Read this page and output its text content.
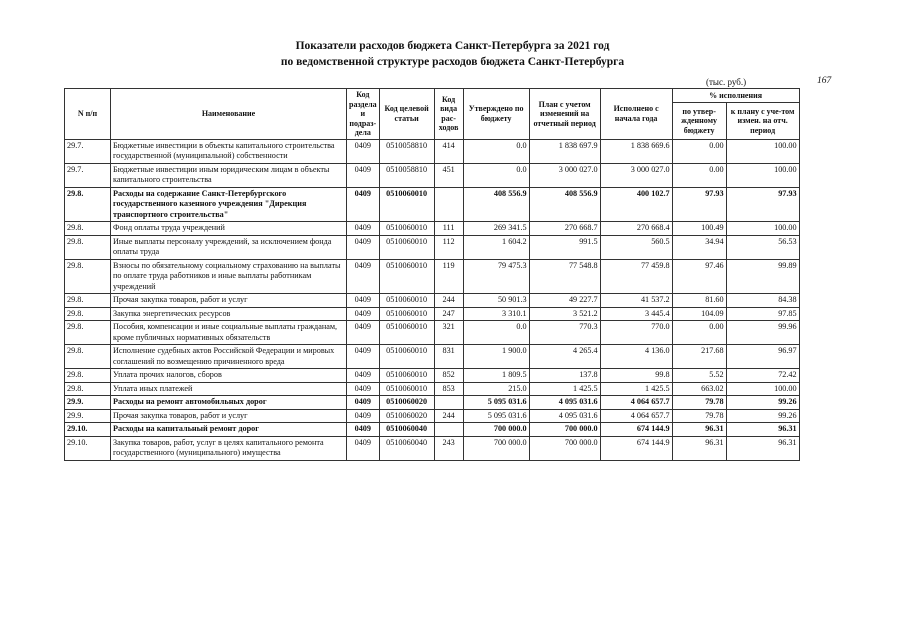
Показатели расходов бюджета Санкт-Петербурга за 2021 год
по ведомственной структуре расходов бюджета Санкт-Петербурга
(тыс. руб.)	167
N п/п	Наименование	Код раздела и подраз-дела	Код целевой статьи	Код вида рас-ходов	Утверждено по бюджету	План с учетом изменений на отчетный период	Исполнено с начала года	% исполнения	
								по утвер-жденному бюджету	к плану с уче-том измен. на отч. период
29.7.	Бюджетные инвестиции в объекты капитального строительства государственной (муниципальной) собственности	0409	0510058810	414	0.0	1 838 697.9	1 838 669.6	0.00	100.00
29.7.	Бюджетные инвестиции иным юридическим лицам в объекты капитального строительства	0409	0510058810	451	0.0	3 000 027.0	3 000 027.0	0.00	100.00
29.8.	Расходы на содержание Санкт-Петербургского государственного казенного учреждения "Дирекция транспортного строительства"	0409	0510060010		408 556.9	408 556.9	400 102.7	97.93	97.93
29.8.	Фонд оплаты труда учреждений	0409	0510060010	111	269 341.5	270 668.7	270 668.4	100.49	100.00
29.8.	Иные выплаты персоналу учреждений, за исключением фонда оплаты труда	0409	0510060010	112	1 604.2	991.5	560.5	34.94	56.53
29.8.	Взносы по обязательному социальному страхованию на выплаты по оплате труда работников и иные выплаты работникам учреждений	0409	0510060010	119	79 475.3	77 548.8	77 459.8	97.46	99.89
29.8.	Прочая закупка товаров, работ и услуг	0409	0510060010	244	50 901.3	49 227.7	41 537.2	81.60	84.38
29.8.	Закупка энергетических ресурсов	0409	0510060010	247	3 310.1	3 521.2	3 445.4	104.09	97.85
29.8.	Пособия, компенсации и иные социальные выплаты гражданам, кроме публичных нормативных обязательств	0409	0510060010	321	0.0	770.3	770.0	0.00	99.96
29.8.	Исполнение судебных актов Российской Федерации и мировых соглашений по возмещению причиненного вреда	0409	0510060010	831	1 900.0	4 265.4	4 136.0	217.68	96.97
29.8.	Уплата прочих налогов, сборов	0409	0510060010	852	1 809.5	137.8	99.8	5.52	72.42
29.8.	Уплата иных платежей	0409	0510060010	853	215.0	1 425.5	1 425.5	663.02	100.00
29.9.	Расходы на ремонт автомобильных дорог	0409	0510060020		5 095 031.6	4 095 031.6	4 064 657.7	79.78	99.26
29.9.	Прочая закупка товаров, работ и услуг	0409	0510060020	244	5 095 031.6	4 095 031.6	4 064 657.7	79.78	99.26
29.10.	Расходы на капитальный ремонт дорог	0409	0510060040		700 000.0	700 000.0	674 144.9	96.31	96.31
29.10.	Закупка товаров, работ, услуг в целях капитального ремонта государственного (муниципального) имущества	0409	0510060040	243	700 000.0	700 000.0	674 144.9	96.31	96.31
